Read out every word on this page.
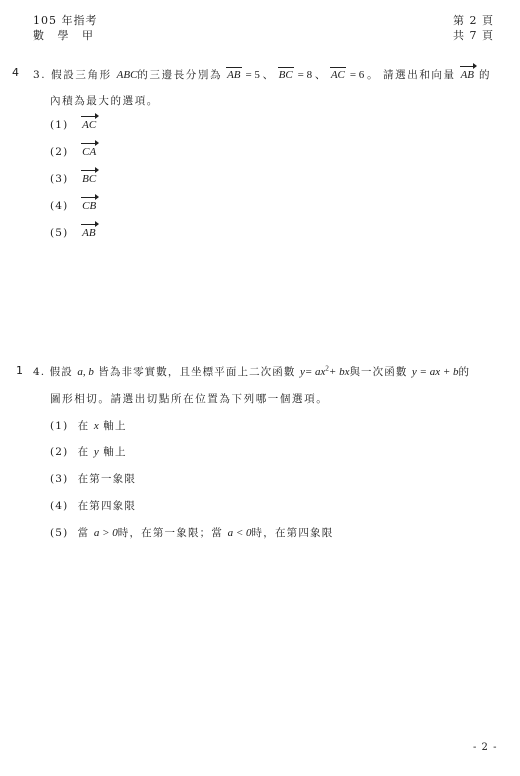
105 年指考
數 學 甲
第 2 頁
共 7 頁
4 3. 假設三角形 ABC的三邊長分別為 AB = 5 、 BC = 8 、 AC = 6 。 請選出和向量 AB 的
內積為最大的選項。
(1) AC
(2) CA
(3) BC
(4) CB
(5) AB
1 4. 假設 a, b 皆為非零實數，且坐標平面上二次函數 $y= ax^2+$ bx與一次函數 y = ax + b的
圖形相切。請選出切點所在位置為下列哪一個選項。
(1) 在 x 軸上
(2) 在 y 軸上
(3) 在第一象限
(4) 在第四象限
(5) 當 a > 0時，在第一象限；當 a < 0時，在第四象限
- 2 -
